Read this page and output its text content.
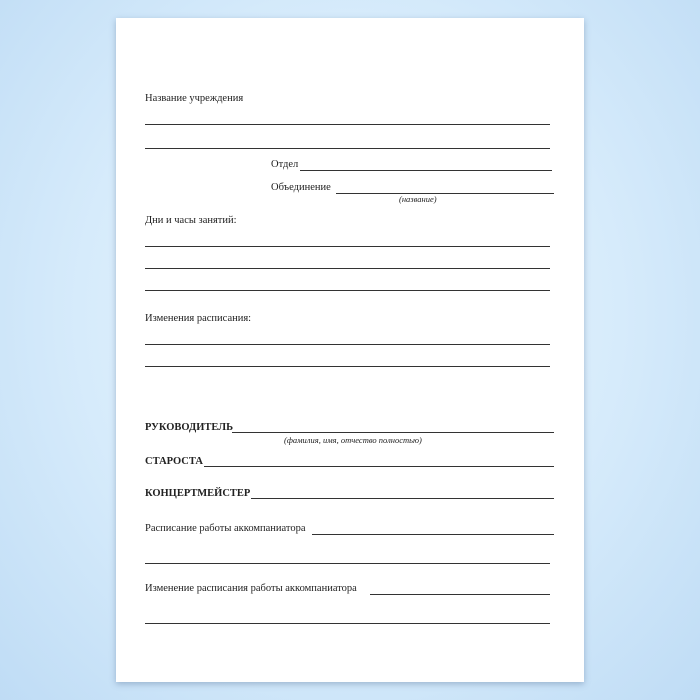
Название учреждения
Отдел
Объединение
(название)
Дни и часы занятий:
Изменения расписания:
РУКОВОДИТЕЛЬ
(фамилия, имя, отчество полностью)
СТАРОСТА
КОНЦЕРТМЕЙСТЕР
Расписание работы аккомпаниатора
Изменение расписания работы аккомпаниатора
